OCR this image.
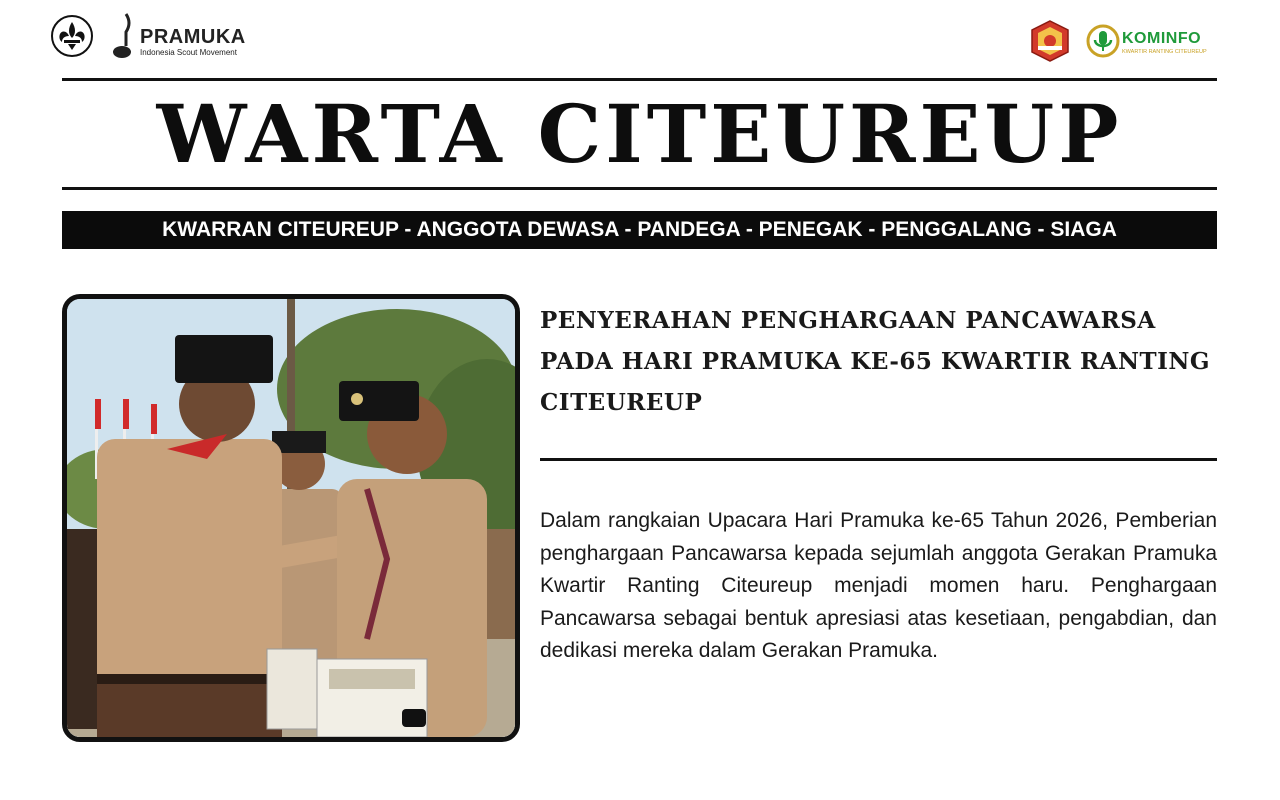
PRAMUKA
Indonesia Scout Movement
KOMINFO
KWARTIR RANTING CITEUREUP
WARTA CITEUREUP
KWARRAN CITEUREUP - ANGGOTA DEWASA - PANDEGA - PENEGAK - PENGGALANG - SIAGA
PENYERAHAN PENGHARGAAN PANCAWARSA PADA HARI PRAMUKA KE-65 KWARTIR RANTING CITEUREUP

Dalam rangkaian Upacara Hari Pramuka ke-65 Tahun 2026, Pemberian penghargaan Pancawarsa kepada sejumlah anggota Gerakan Pramuka Kwartir Ranting Citeureup menjadi momen haru. Penghargaan Pancawarsa sebagai bentuk apresiasi atas kesetiaan, pengabdian, dan dedikasi mereka dalam Gerakan Pramuka.
